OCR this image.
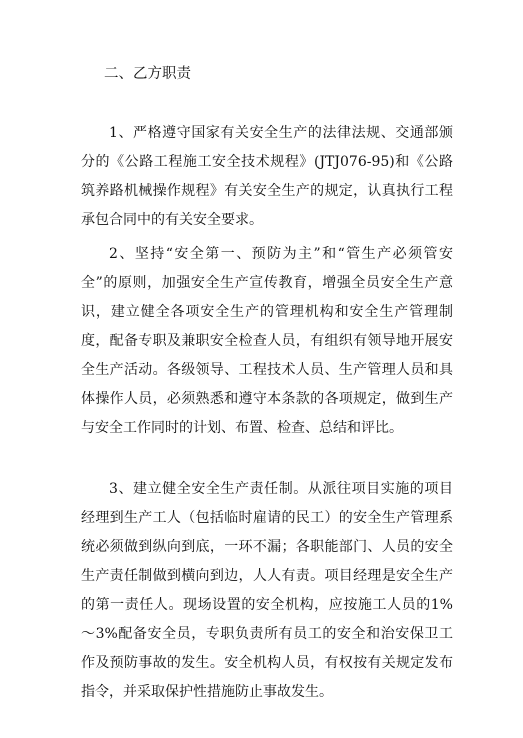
二、乙方职责

1、严格遵守国家有关安全生产的法律法规、交通部颁分的《公路工程施工安全技术规程》(JTJ076-95)和《公路筑养路机械操作规程》有关安全生产的规定，认真执行工程承包合同中的有关安全要求。

2、坚持“安全第一、预防为主”和“管生产必须管安全”的原则，加强安全生产宣传教育，增强全员安全生产意识，建立健全各项安全生产的管理机构和安全生产管理制度，配备专职及兼职安全检查人员，有组织有领导地开展安全生产活动。各级领导、工程技术人员、生产管理人员和具体操作人员，必须熟悉和遵守本条款的各项规定，做到生产与安全工作同时的计划、布置、检查、总结和评比。

3、建立健全安全生产责任制。从派往项目实施的项目经理到生产工人（包括临时雇请的民工）的安全生产管理系统必须做到纵向到底，一环不漏；各职能部门、人员的安全生产责任制做到横向到边，人人有责。项目经理是安全生产的第一责任人。现场设置的安全机构，应按施工人员的1%～3%配备安全员，专职负责所有员工的安全和治安保卫工作及预防事故的发生。安全机构人员，有权按有关规定发布指令，并采取保护性措施防止事故发生。
